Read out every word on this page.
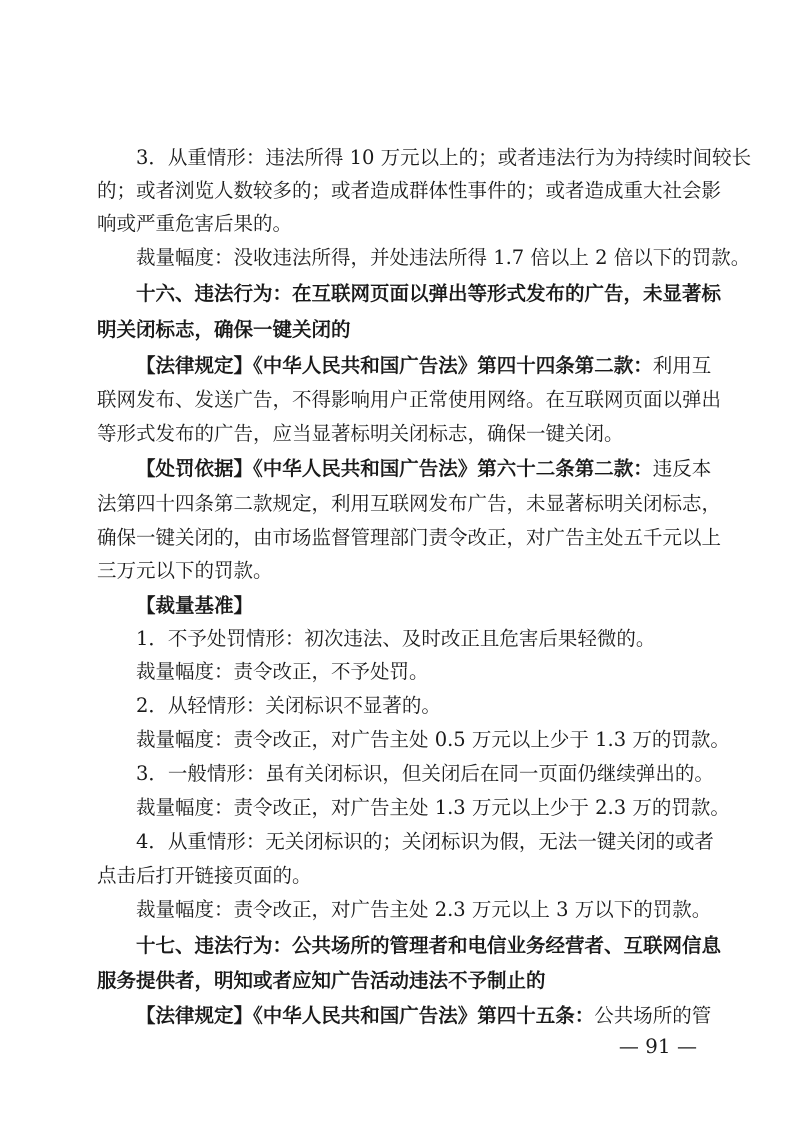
3．从重情形：违法所得 10 万元以上的；或者违法行为为持续时间较长
的；或者浏览人数较多的；或者造成群体性事件的；或者造成重大社会影
响或严重危害后果的。
裁量幅度：没收违法所得，并处违法所得 1.7 倍以上 2 倍以下的罚款。
十六、违法行为：在互联网页面以弹出等形式发布的广告，未显著标
明关闭标志，确保一键关闭的
【法律规定】《中华人民共和国广告法》第四十四条第二款：利用互
联网发布、发送广告，不得影响用户正常使用网络。在互联网页面以弹出
等形式发布的广告，应当显著标明关闭标志，确保一键关闭。
【处罚依据】《中华人民共和国广告法》第六十二条第二款：违反本
法第四十四条第二款规定，利用互联网发布广告，未显著标明关闭标志，
确保一键关闭的，由市场监督管理部门责令改正，对广告主处五千元以上
三万元以下的罚款。
【裁量基准】
1．不予处罚情形：初次违法、及时改正且危害后果轻微的。
裁量幅度：责令改正，不予处罚。
2．从轻情形：关闭标识不显著的。
裁量幅度：责令改正，对广告主处 0.5 万元以上少于 1.3 万的罚款。
3．一般情形：虽有关闭标识，但关闭后在同一页面仍继续弹出的。
裁量幅度：责令改正，对广告主处 1.3 万元以上少于 2.3 万的罚款。
4．从重情形：无关闭标识的；关闭标识为假，无法一键关闭的或者
点击后打开链接页面的。
裁量幅度：责令改正，对广告主处 2.3 万元以上 3 万以下的罚款。
十七、违法行为：公共场所的管理者和电信业务经营者、互联网信息
服务提供者，明知或者应知广告活动违法不予制止的
【法律规定】《中华人民共和国广告法》第四十五条：公共场所的管
— 91 —
